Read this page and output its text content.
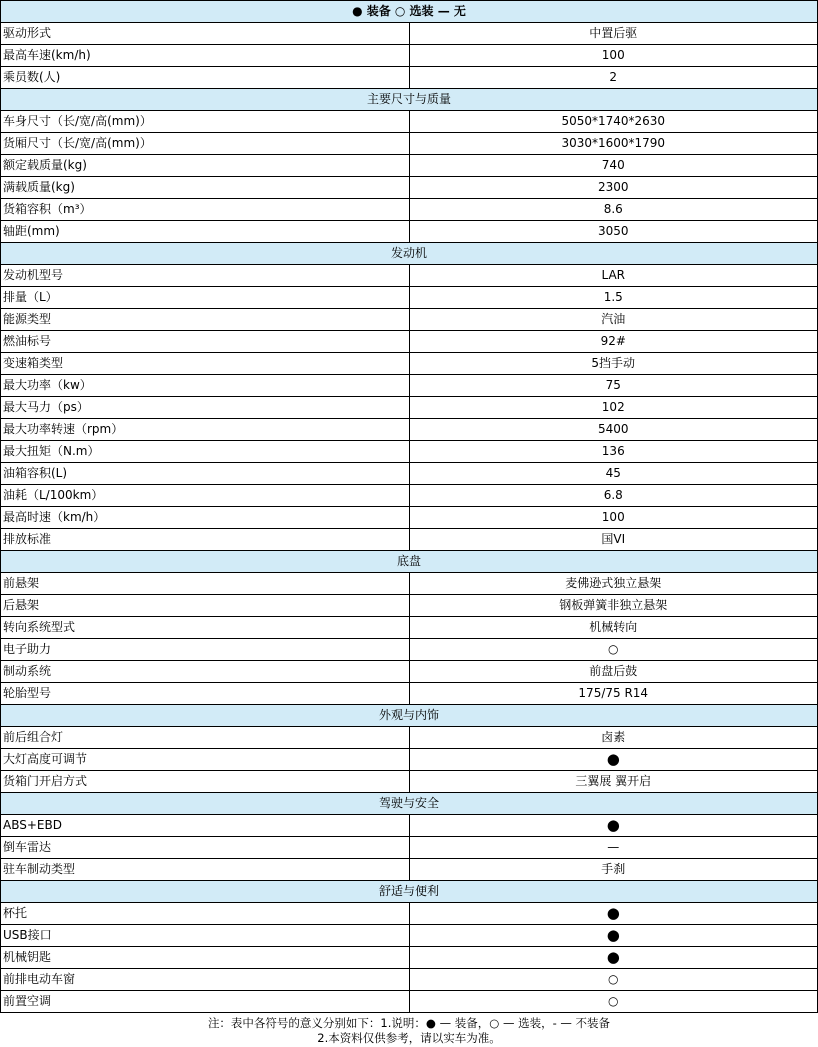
● 装备 ○ 选装 — 无	
驱动形式	中置后驱
最高车速(km/h)	100
乘员数(人)	2
主要尺寸与质量	
车身尺寸（长/宽/高(mm)）	5050*1740*2630
货厢尺寸（长/宽/高(mm)）	3030*1600*1790
额定载质量(kg)	740
满载质量(kg)	2300
货箱容积（m³）	8.6
轴距(mm)	3050
发动机	
发动机型号	LAR
排量（L）	1.5
能源类型	汽油
燃油标号	92#
变速箱类型	5挡手动
最大功率（kw）	75
最大马力（ps）	102
最大功率转速（rpm）	5400
最大扭矩（N.m）	136
油箱容积(L)	45
油耗（L/100km）	6.8
最高时速（km/h）	100
排放标准	国VI
底盘	
前悬架	麦佛逊式独立悬架
后悬架	钢板弹簧非独立悬架
转向系统型式	机械转向
电子助力	○
制动系统	前盘后鼓
轮胎型号	175/75 R14
外观与内饰	
前后组合灯	卤素
大灯高度可调节	●
货箱门开启方式	三翼展 翼开启
驾驶与安全	
ABS+EBD	●
倒车雷达	—
驻车制动类型	手刹
舒适与便利	
杯托	●
USB接口	●
机械钥匙	●
前排电动车窗	○
前置空调	○
注：表中各符号的意义分别如下：1.说明：● — 装备，○ — 选装，- — 不装备
2.本资料仅供参考，请以实车为准。
